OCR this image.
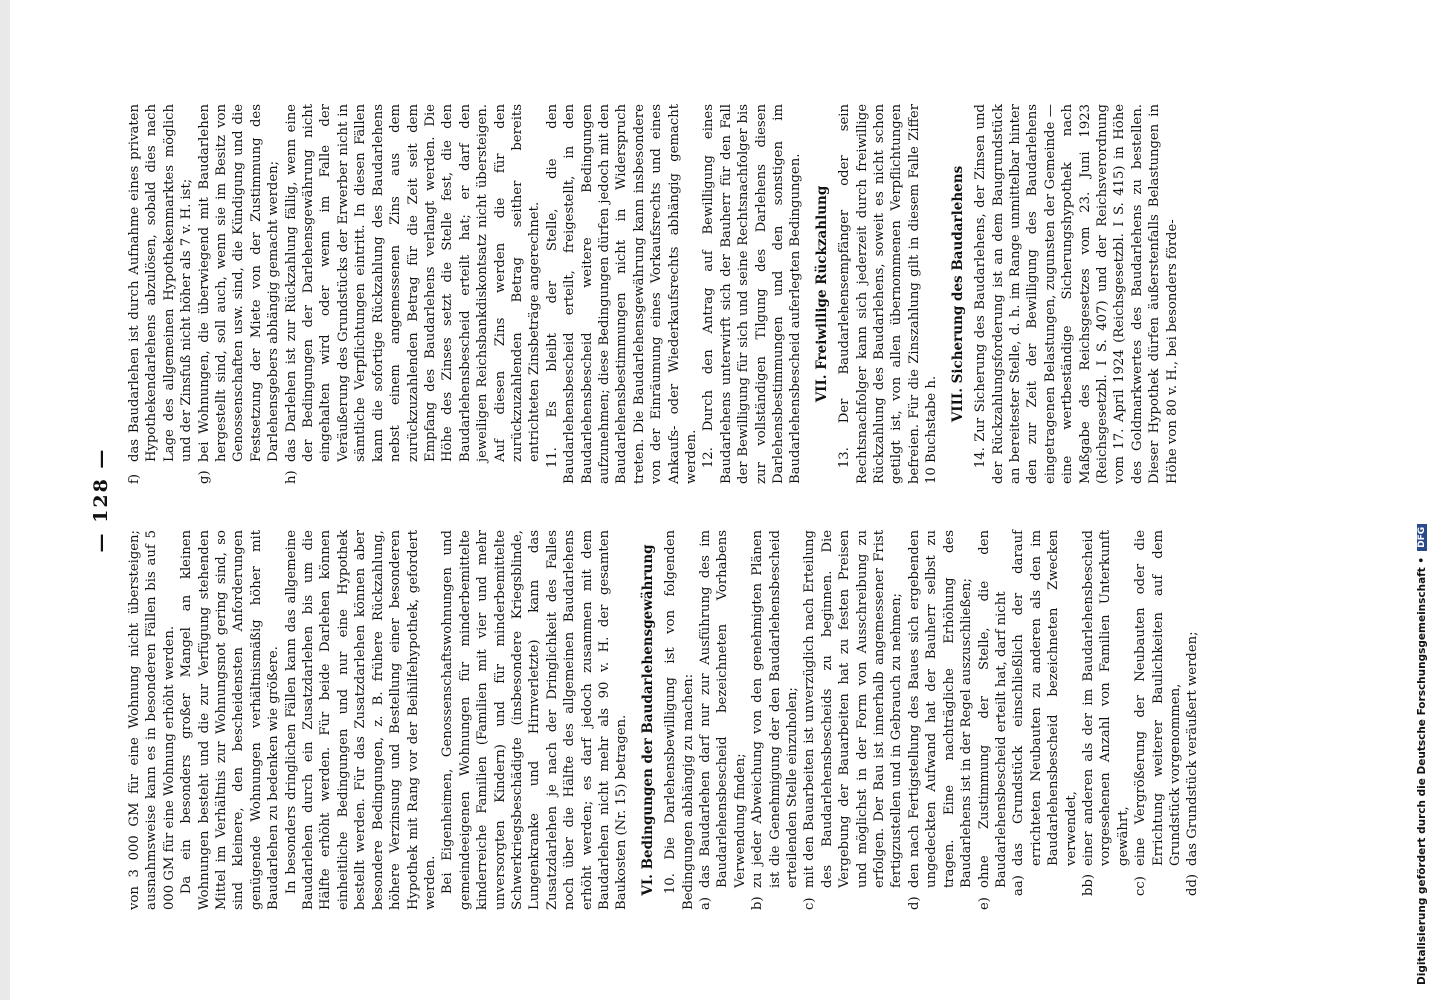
— 128 —

von 3 000 GM für eine Wohnung nicht übersteigen; ausnahmsweise kann es in besonderen Fällen bis auf 5 000 GM für eine Wohnung erhöht werden. Da ein besonders großer Mangel an kleinen Wohnungen besteht und die zur Verfügung stehenden Mittel im Verhältnis zur Wohnungsnot gering sind, so sind kleinere, den bescheidensten Anforderungen genügende Wohnungen verhältnismäßig höher mit Baudarlehen zu bedenken wie größere. In besonders dringlichen Fällen kann das allgemeine Baudarlehen durch ein Zusatzdarlehen bis um die Hälfte erhöht werden. Für beide Darlehen können einheitliche Bedingungen und nur eine Hypothek bestellt werden. Für das Zusatzdarlehen können aber besondere Bedingungen, z. B. frühere Rückzahlung, höhere Verzinsung und Bestellung einer besonderen Hypothek mit Rang vor der Beihilfehypothek, gefordert werden. Bei Eigenheimen, Genossenschaftswohnungen und gemeindeeigenen Wohnungen für minderbemittelte kinderreiche Familien (Familien mit vier und mehr unversorgten Kindern) und für minderbemittelte Schwerkriegsbeschädigte (insbesondere Kriegsblinde, Lungenkranke und Hirnverletzte) kann das Zusatzdarlehen je nach der Dringlichkeit des Falles noch über die Hälfte des allgemeinen Baudarlehens erhöht werden; es darf jedoch zusammen mit dem Baudarlehen nicht mehr als 90 v. H. der gesamten Baukosten (Nr. 15) betragen. VI. Bedingungen der Baudarlehensgewährung 10. Die Darlehensbewilligung ist von folgenden Bedingungen abhängig zu machen: a)
das Baudarlehen darf nur zur Ausführung des im Baudarlehensbescheid bezeichneten Vorhabens Verwendung finden;
b)
zu jeder Abweichung von den genehmigten Plänen ist die Genehmigung der den Baudarlehensbescheid erteilenden Stelle einzuholen;
c)
mit den Bauarbeiten ist unverzüglich nach Erteilung des Baudarlehensbescheids zu beginnen. Die Vergebung der Bauarbeiten hat zu festen Preisen und möglichst in der Form von Ausschreibung zu erfolgen. Der Bau ist innerhalb angemessener Frist fertigzustellen und in Gebrauch zu nehmen;
d)
den nach Fertigstellung des Baues sich ergebenden ungedeckten Aufwand hat der Bauherr selbst zu tragen. Eine nachträgliche Erhöhung des Baudarlehens ist in der Regel auszuschließen;
e)
ohne Zustimmung der Stelle, die den Baudarlehensbescheid erteilt hat, darf nicht aa)
das Grundstück einschließlich der darauf errichteten Neubauten zu anderen als den im Baudarlehensbescheid bezeichneten Zwecken verwendet,
bb)
einer anderen als der im Baudarlehensbescheid vorgesehenen Anzahl von Familien Unterkunft gewährt,
cc)
eine Vergrößerung der Neubauten oder die Errichtung weiterer Baulichkeiten auf dem Grundstück vorgenommen,
dd)
das Grundstück veräußert werden;
f)
das Baudarlehen ist durch Aufnahme eines privaten Hypothekendarlehens abzulösen, sobald dies nach Lage des allgemeinen Hypothekenmarktes möglich und der Zinsfuß nicht höher als 7 v. H. ist;
g)
bei Wohnungen, die überwiegend mit Baudarlehen hergestellt sind, soll auch, wenn sie im Besitz von Genossenschaften usw. sind, die Kündigung und die Festsetzung der Miete von der Zustimmung des Darlehensgebers abhängig gemacht werden;
h)
das Darlehen ist zur Rückzahlung fällig, wenn eine der Bedingungen der Darlehensgewährung nicht eingehalten wird oder wenn im Falle der Veräußerung des Grundstücks der Erwerber nicht in sämtliche Verpflichtungen eintritt. In diesen Fällen kann die sofortige Rückzahlung des Baudarlehens nebst einem angemessenen Zins aus dem zurückzuzahlenden Betrag für die Zeit seit dem Empfang des Baudarlehens verlangt werden. Die Höhe des Zinses setzt die Stelle fest, die den Baudarlehensbescheid erteilt hat; er darf den jeweiligen Reichsbankdiskontsatz nicht übersteigen. Auf diesen Zins werden die für den zurückzuzahlenden Betrag seither bereits entrichteten Zinsbeträge angerechnet. 11. Es bleibt der Stelle, die den Baudarlehensbescheid erteilt, freigestellt, in den Baudarlehensbescheid weitere Bedingungen aufzunehmen; diese Bedingungen dürfen jedoch mit den Baudarlehensbestimmungen nicht in Widerspruch treten. Die Baudarlehensgewährung kann insbesondere von der Einräumung eines Vorkaufsrechts und eines Ankaufs- oder Wiederkaufsrechts abhängig gemacht werden. 12. Durch den Antrag auf Bewilligung eines Baudarlehens unterwirft sich der Bauherr für den Fall der Bewilligung für sich und seine Rechtsnachfolger bis zur vollständigen Tilgung des Darlehens diesen Darlehensbestimmungen und den sonstigen im Baudarlehensbescheid auferlegten Bedingungen. VII. Freiwillige Rückzahlung 13. Der Baudarlehensempfänger oder sein Rechtsnachfolger kann sich jederzeit durch freiwillige Rückzahlung des Baudarlehens, soweit es nicht schon getilgt ist, von allen übernommenen Verpflichtungen befreien. Für die Zinszahlung gilt in diesem Falle Ziffer 10 Buchstabe h.

VIII. Sicherung des Baudarlehens 14. Zur Sicherung des Baudarlehens, der Zinsen und der Rückzahlungsforderung ist an dem Baugrundstück an bereitester Stelle, d. h. im Range unmittelbar hinter den zur Zeit der Bewilligung des Baudarlehens eingetragenen Belastungen, zugunsten der Gemeinde — eine wertbeständige Sicherungshypothek nach Maßgabe des Reichsgesetzes vom 23. Juni 1923 (Reichsgesetzbl. I S. 407) und der Reichsverordnung vom 17. April 1924 (Reichsgesetzbl. I S. 415) in Höhe des Goldmarkwertes des Baudarlehens zu bestellen. Dieser Hypothek dürfen äußerstenfalls Belastungen in Höhe von 80 v. H., bei besonders förde-

Digitalisierung gefördert durch die Deutsche Forschungsgemeinschaft •
DFG
